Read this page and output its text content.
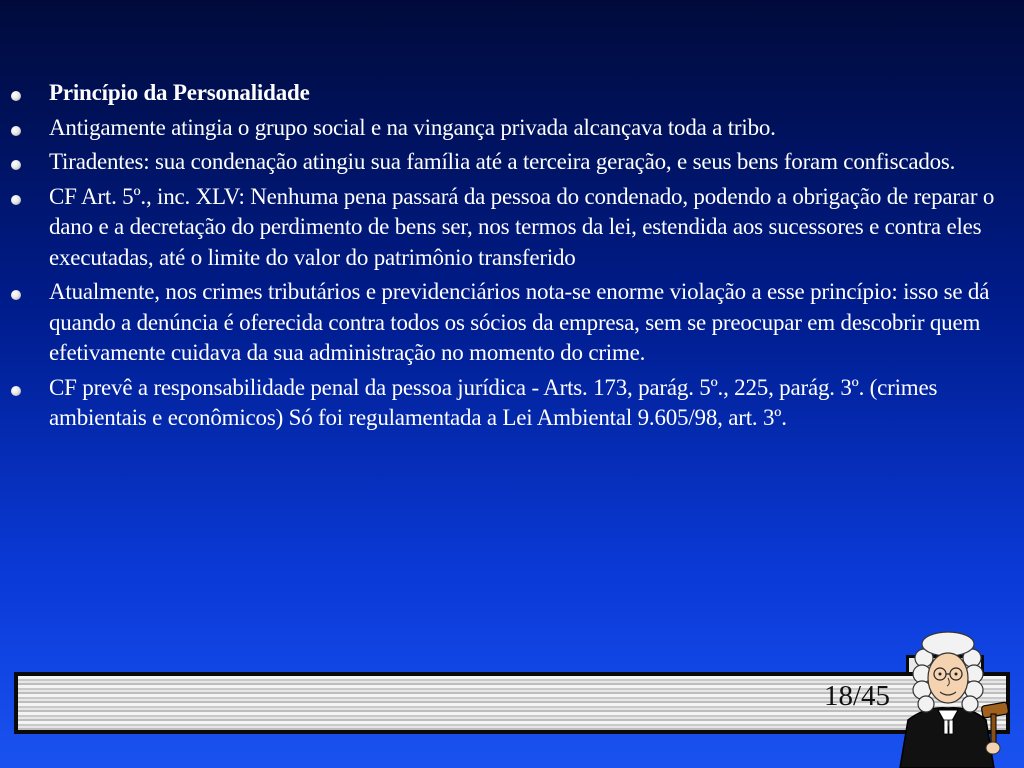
Princípio da Personalidade
Antigamente atingia o grupo social e na vingança privada alcançava toda a tribo.
Tiradentes: sua condenação atingiu sua família até a terceira geração, e seus bens foram confiscados.
CF Art. 5º., inc. XLV: Nenhuma pena passará da pessoa do condenado, podendo a obrigação de reparar o dano e a decretação do perdimento de bens ser, nos termos da lei, estendida aos sucessores e contra eles executadas, até o limite do valor do patrimônio transferido
Atualmente, nos crimes tributários e previdenciários nota-se enorme violação a esse princípio: isso se dá quando a denúncia é oferecida contra todos os sócios da empresa, sem se preocupar em descobrir quem efetivamente cuidava da sua administração no momento do crime.
CF prevê a responsabilidade penal da pessoa jurídica - Arts. 173, parág. 5º., 225, parág. 3º. (crimes ambientais e econômicos) Só foi regulamentada a Lei Ambiental 9.605/98, art. 3º.
18/45
